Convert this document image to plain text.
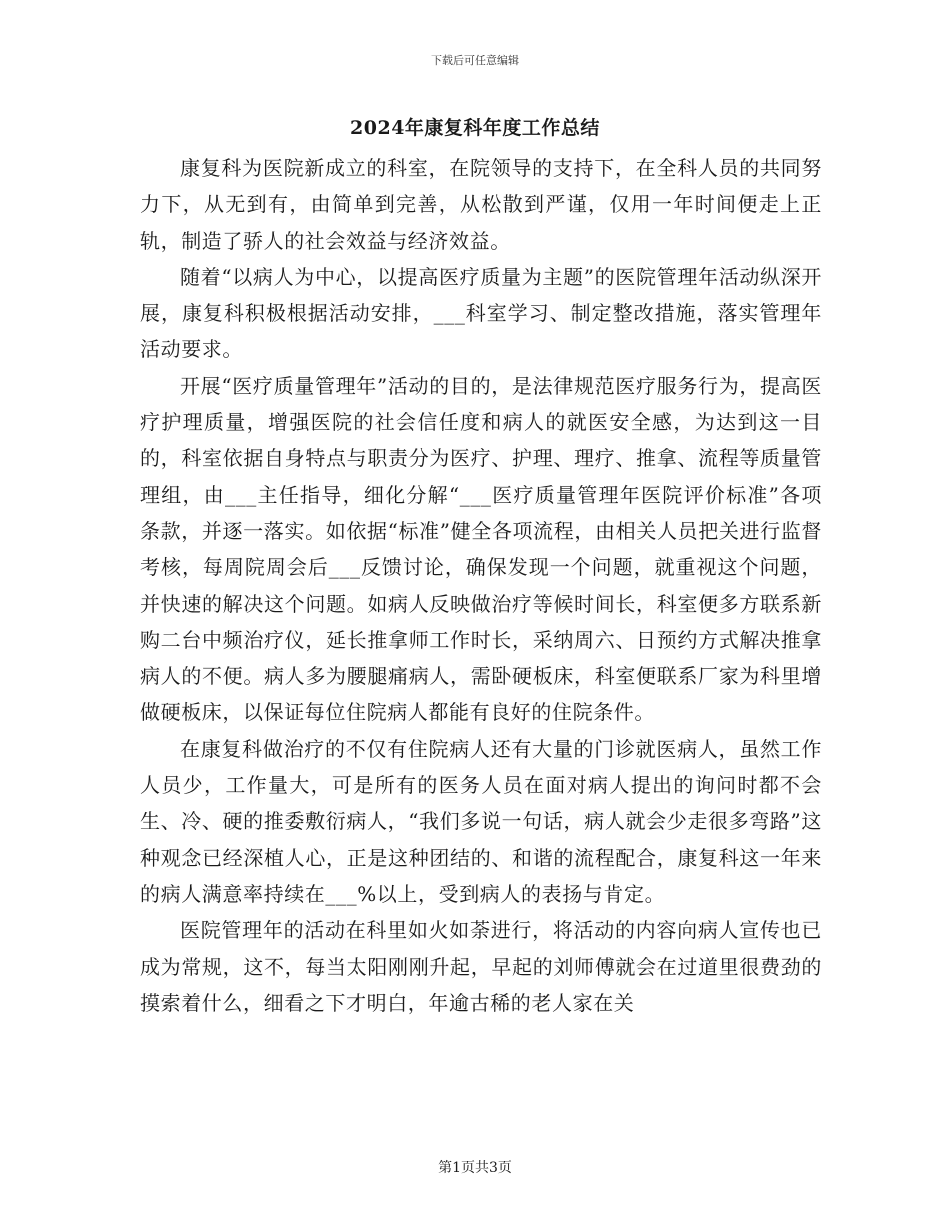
下载后可任意编辑
2024年康复科年度工作总结

康复科为医院新成立的科室，在院领导的支持下，在全科人员的共同努力下，从无到有，由简单到完善，从松散到严谨，仅用一年时间便走上正轨，制造了骄人的社会效益与经济效益。

随着“以病人为中心，以提高医疗质量为主题”的医院管理年活动纵深开展，康复科积极根据活动安排，___科室学习、制定整改措施，落实管理年活动要求。

开展“医疗质量管理年”活动的目的，是法律规范医疗服务行为，提高医疗护理质量，增强医院的社会信任度和病人的就医安全感，为达到这一目的，科室依据自身特点与职责分为医疗、护理、理疗、推拿、流程等质量管理组，由___主任指导，细化分解“___医疗质量管理年医院评价标准”各项条款，并逐一落实。如依据“标准”健全各项流程，由相关人员把关进行监督考核，每周院周会后___反馈讨论，确保发现一个问题，就重视这个问题，并快速的解决这个问题。如病人反映做治疗等候时间长，科室便多方联系新购二台中频治疗仪，延长推拿师工作时长，采纳周六、日预约方式解决推拿病人的不便。病人多为腰腿痛病人，需卧硬板床，科室便联系厂家为科里增做硬板床，以保证每位住院病人都能有良好的住院条件。

在康复科做治疗的不仅有住院病人还有大量的门诊就医病人，虽然工作人员少，工作量大，可是所有的医务人员在面对病人提出的询问时都不会生、冷、硬的推委敷衍病人，“我们多说一句话，病人就会少走很多弯路”这种观念已经深植人心，正是这种团结的、和谐的流程配合，康复科这一年来的病人满意率持续在___%以上，受到病人的表扬与肯定。

医院管理年的活动在科里如火如荼进行，将活动的内容向病人宣传也已成为常规，这不，每当太阳刚刚升起，早起的刘师傅就会在过道里很费劲的摸索着什么，细看之下才明白，年逾古稀的老人家在关

第1页共3页
